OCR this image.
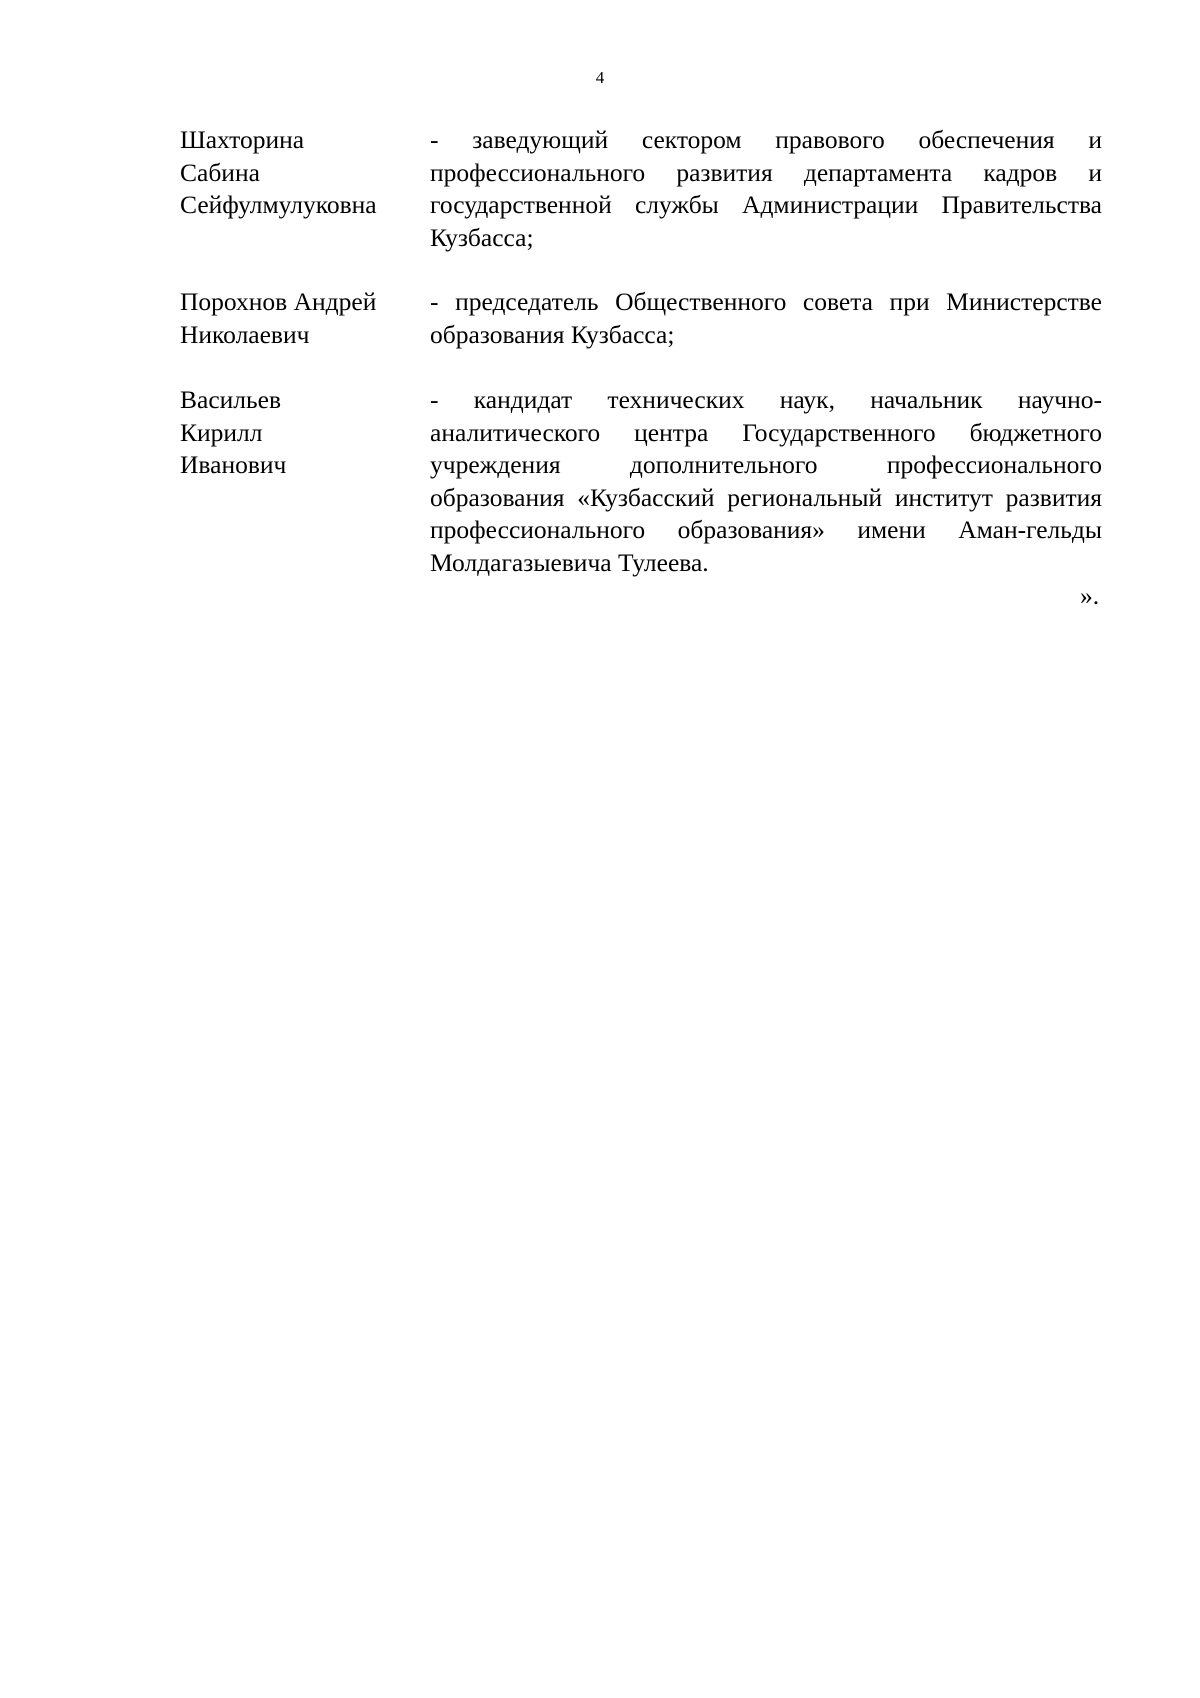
4
Шахторина
Сабина
Сейфулмулуковна
- заведующий сектором правового обеспечения и профессионального развития департамента кадров и государственной службы Администрации Правительства Кузбасса;
Порохнов Андрей
Николаевич
- председатель Общественного совета при Министерстве образования Кузбасса;
Васильев
Кирилл
Иванович
- кандидат технических наук, начальник научно-аналитического центра Государственного бюджетного учреждения дополнительного профессионального образования «Кузбасский региональный институт развития профессионального образования» имени Аман-гельды Молдагазыевича Тулеева.
».
